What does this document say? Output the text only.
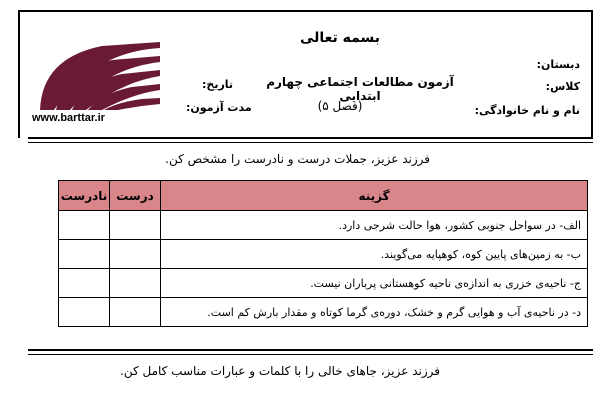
www.barttar.ir
بسمه تعالی
آزمون مطالعات اجتماعی چهارم ابتدایی
(فصل ۵)
دبستان:
کلاس:
نام و نام خانوادگی:
تاریخ:
مدت آزمون:
فرزند عزیز، جملات درست و نادرست را مشخص کن.
گزینه	درست	نادرست
الف- در سواحل جنوبی کشور، هوا حالت شرجی دارد.		
ب- به زمین‌های پایین کوه، کوهپایه می‌گویند.		
ج- ناحیه‌ی خزری به اندازه‌ی ناحیه کوهستانی پرباران نیست.		
د- در ناحیه‌ی آب و هوایی گرم و خشک، دوره‌ی گرما کوتاه و مقدار بارش کم است.		
فرزند عزیز، جاهای خالی را با کلمات و عبارات مناسب کامل کن.
